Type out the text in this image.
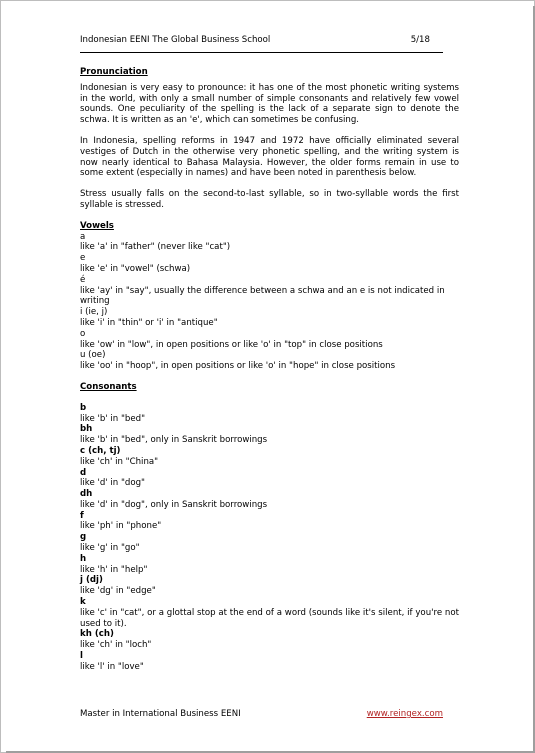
Indonesian EENI The Global Business School	5/18
Pronunciation

Indonesian is very easy to pronounce: it has one of the most phonetic writing systems in the world, with only a small number of simple consonants and relatively few vowel sounds. One peculiarity of the spelling is the lack of a separate sign to denote the schwa. It is written as an 'e', which can sometimes be confusing.

In Indonesia, spelling reforms in 1947 and 1972 have officially eliminated several vestiges of Dutch in the otherwise very phonetic spelling, and the writing system is now nearly identical to Bahasa Malaysia. However, the older forms remain in use to some extent (especially in names) and have been noted in parenthesis below.

Stress usually falls on the second-to-last syllable, so in two-syllable words the first syllable is stressed.

Vowels
a
like 'a' in "father" (never like "cat")
e
like 'e' in "vowel" (schwa)
é
like 'ay' in "say", usually the difference between a schwa and an e is not indicated in writing
i (ie, j)
like 'i' in "thin" or 'i' in "antique"
o
like 'ow' in "low", in open positions or like 'o' in "top" in close positions
u (oe)
like 'oo' in "hoop", in open positions or like 'o' in "hope" in close positions
Consonants
b
like 'b' in "bed"
bh
like 'b' in "bed", only in Sanskrit borrowings
c (ch, tj)
like 'ch' in "China"
d
like 'd' in "dog"
dh
like 'd' in "dog", only in Sanskrit borrowings
f
like 'ph' in "phone"
g
like 'g' in "go"
h
like 'h' in "help"
j (dj)
like 'dg' in "edge"
k
like 'c' in "cat", or a glottal stop at the end of a word (sounds like it's silent, if you're not used to it).
kh (ch)
like 'ch' in "loch"
l
like 'l' in "love"
Master in International Business EENI	www.reingex.com
